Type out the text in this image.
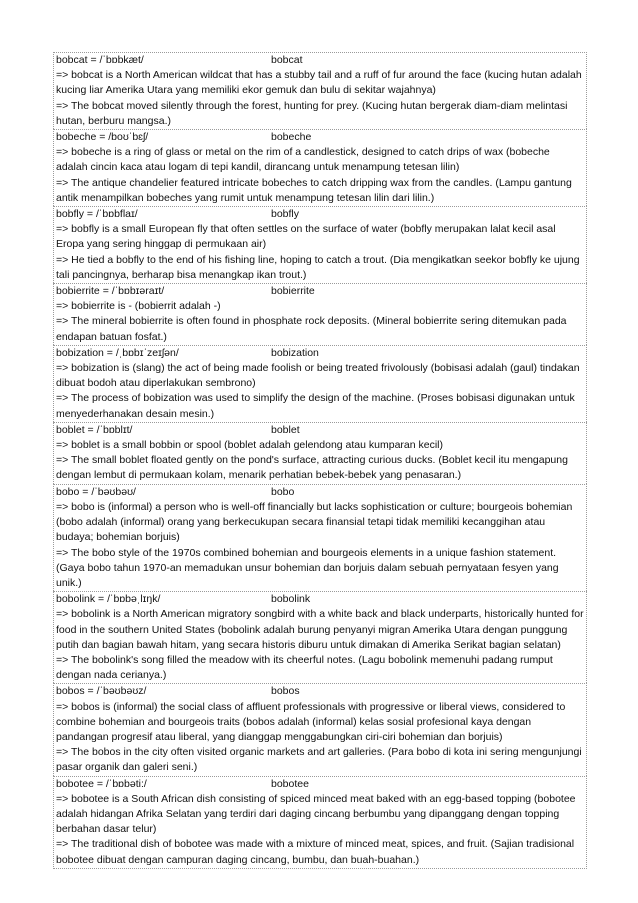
bobcat = /ˈbɒbkæt/	bobcat
=> bobcat is a North American wildcat that has a stubby tail and a ruff of fur around the face (kucing hutan adalah kucing liar Amerika Utara yang memiliki ekor gemuk dan bulu di sekitar wajahnya)
=> The bobcat moved silently through the forest, hunting for prey. (Kucing hutan bergerak diam-diam melintasi hutan, berburu mangsa.)
bobeche = /boʊˈbɛʃ/	bobeche
=> bobeche is a ring of glass or metal on the rim of a candlestick, designed to catch drips of wax (bobeche adalah cincin kaca atau logam di tepi kandil, dirancang untuk menampung tetesan lilin)
=> The antique chandelier featured intricate bobeches to catch dripping wax from the candles. (Lampu gantung antik menampilkan bobeches yang rumit untuk menampung tetesan lilin dari lilin.)
bobfly = /ˈbɒbflaɪ/	bobfly
=> bobfly is a small European fly that often settles on the surface of water (bobfly merupakan lalat kecil asal Eropa yang sering hinggap di permukaan air)
=> He tied a bobfly to the end of his fishing line, hoping to catch a trout. (Dia mengikatkan seekor bobfly ke ujung tali pancingnya, berharap bisa menangkap ikan trout.)
bobierrite = /ˈbɒbɪəraɪt/	bobierrite
=> bobierrite is - (bobierrit adalah -)
=> The mineral bobierrite is often found in phosphate rock deposits. (Mineral bobierrite sering ditemukan pada endapan batuan fosfat.)
bobization = /ˌbɒbɪˈzeɪʃən/	bobization
=> bobization is (slang) the act of being made foolish or being treated frivolously (bobisasi adalah (gaul) tindakan dibuat bodoh atau diperlakukan sembrono)
=> The process of bobization was used to simplify the design of the machine. (Proses bobisasi digunakan untuk menyederhanakan desain mesin.)
boblet = /ˈbɒblɪt/	boblet
=> boblet is a small bobbin or spool (boblet adalah gelendong atau kumparan kecil)
=> The small boblet floated gently on the pond's surface, attracting curious ducks. (Boblet kecil itu mengapung dengan lembut di permukaan kolam, menarik perhatian bebek-bebek yang penasaran.)
bobo = /ˈbəʊbəʊ/	bobo
=> bobo is (informal) a person who is well-off financially but lacks sophistication or culture; bourgeois bohemian (bobo adalah (informal) orang yang berkecukupan secara finansial tetapi tidak memiliki kecanggihan atau budaya; bohemian borjuis)
=> The bobo style of the 1970s combined bohemian and bourgeois elements in a unique fashion statement. (Gaya bobo tahun 1970-an memadukan unsur bohemian dan borjuis dalam sebuah pernyataan fesyen yang unik.)
bobolink = /ˈbɒbəˌlɪŋk/	bobolink
=> bobolink is a North American migratory songbird with a white back and black underparts, historically hunted for food in the southern United States (bobolink adalah burung penyanyi migran Amerika Utara dengan punggung putih dan bagian bawah hitam, yang secara historis diburu untuk dimakan di Amerika Serikat bagian selatan)
=> The bobolink's song filled the meadow with its cheerful notes. (Lagu bobolink memenuhi padang rumput dengan nada cerianya.)
bobos = /ˈbəʊbəʊz/	bobos
=> bobos is (informal) the social class of affluent professionals with progressive or liberal views, considered to combine bohemian and bourgeois traits (bobos adalah (informal) kelas sosial profesional kaya dengan pandangan progresif atau liberal, yang dianggap menggabungkan ciri-ciri bohemian dan borjuis)
=> The bobos in the city often visited organic markets and art galleries. (Para bobo di kota ini sering mengunjungi pasar organik dan galeri seni.)
bobotee = /ˈbɒbəti:/	bobotee
=> bobotee is a South African dish consisting of spiced minced meat baked with an egg-based topping (bobotee adalah hidangan Afrika Selatan yang terdiri dari daging cincang berbumbu yang dipanggang dengan topping berbahan dasar telur)
=> The traditional dish of bobotee was made with a mixture of minced meat, spices, and fruit. (Sajian tradisional bobotee dibuat dengan campuran daging cincang, bumbu, dan buah-buahan.)
